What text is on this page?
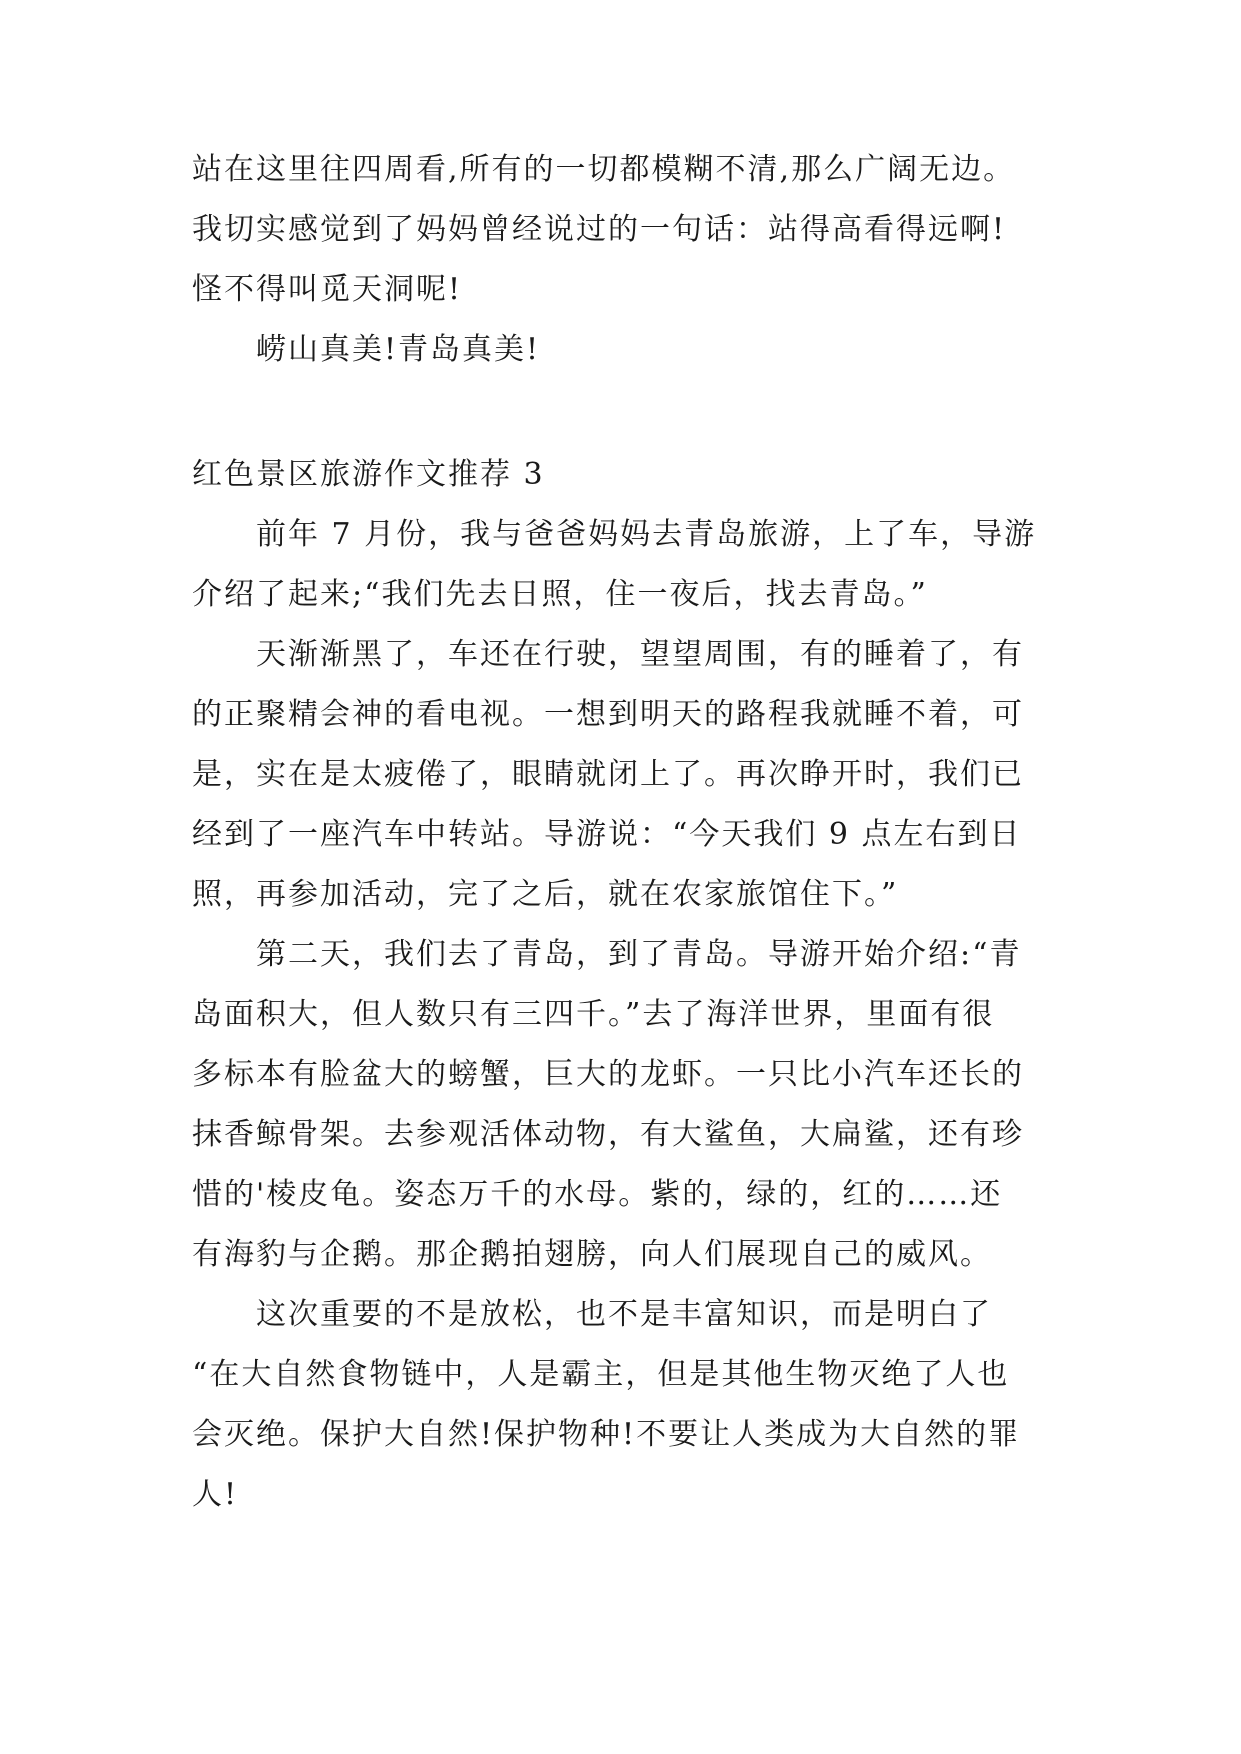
站在这里往四周看,所有的一切都模糊不清,那么广阔无边。
我切实感觉到了妈妈曾经说过的一句话：站得高看得远啊!
怪不得叫觅天洞呢!
崂山真美!青岛真美!
红色景区旅游作文推荐 3
前年 7 月份，我与爸爸妈妈去青岛旅游，上了车，导游
介绍了起来;“我们先去日照，住一夜后，找去青岛。”
天渐渐黑了，车还在行驶，望望周围，有的睡着了，有
的正聚精会神的看电视。一想到明天的路程我就睡不着，可
是，实在是太疲倦了，眼睛就闭上了。再次睁开时，我们已
经到了一座汽车中转站。导游说：“今天我们 9 点左右到日
照，再参加活动，完了之后，就在农家旅馆住下。”
第二天，我们去了青岛，到了青岛。导游开始介绍:“青
岛面积大，但人数只有三四千。”去了海洋世界，里面有很
多标本有脸盆大的螃蟹，巨大的龙虾。一只比小汽车还长的
抹香鲸骨架。去参观活体动物，有大鲨鱼，大扁鲨，还有珍
惜的'棱皮龟。姿态万千的水母。紫的，绿的，红的……还
有海豹与企鹅。那企鹅拍翅膀，向人们展现自己的威风。
这次重要的不是放松，也不是丰富知识，而是明白了
“在大自然食物链中，人是霸主，但是其他生物灭绝了人也
会灭绝。保护大自然!保护物种!不要让人类成为大自然的罪
人!
